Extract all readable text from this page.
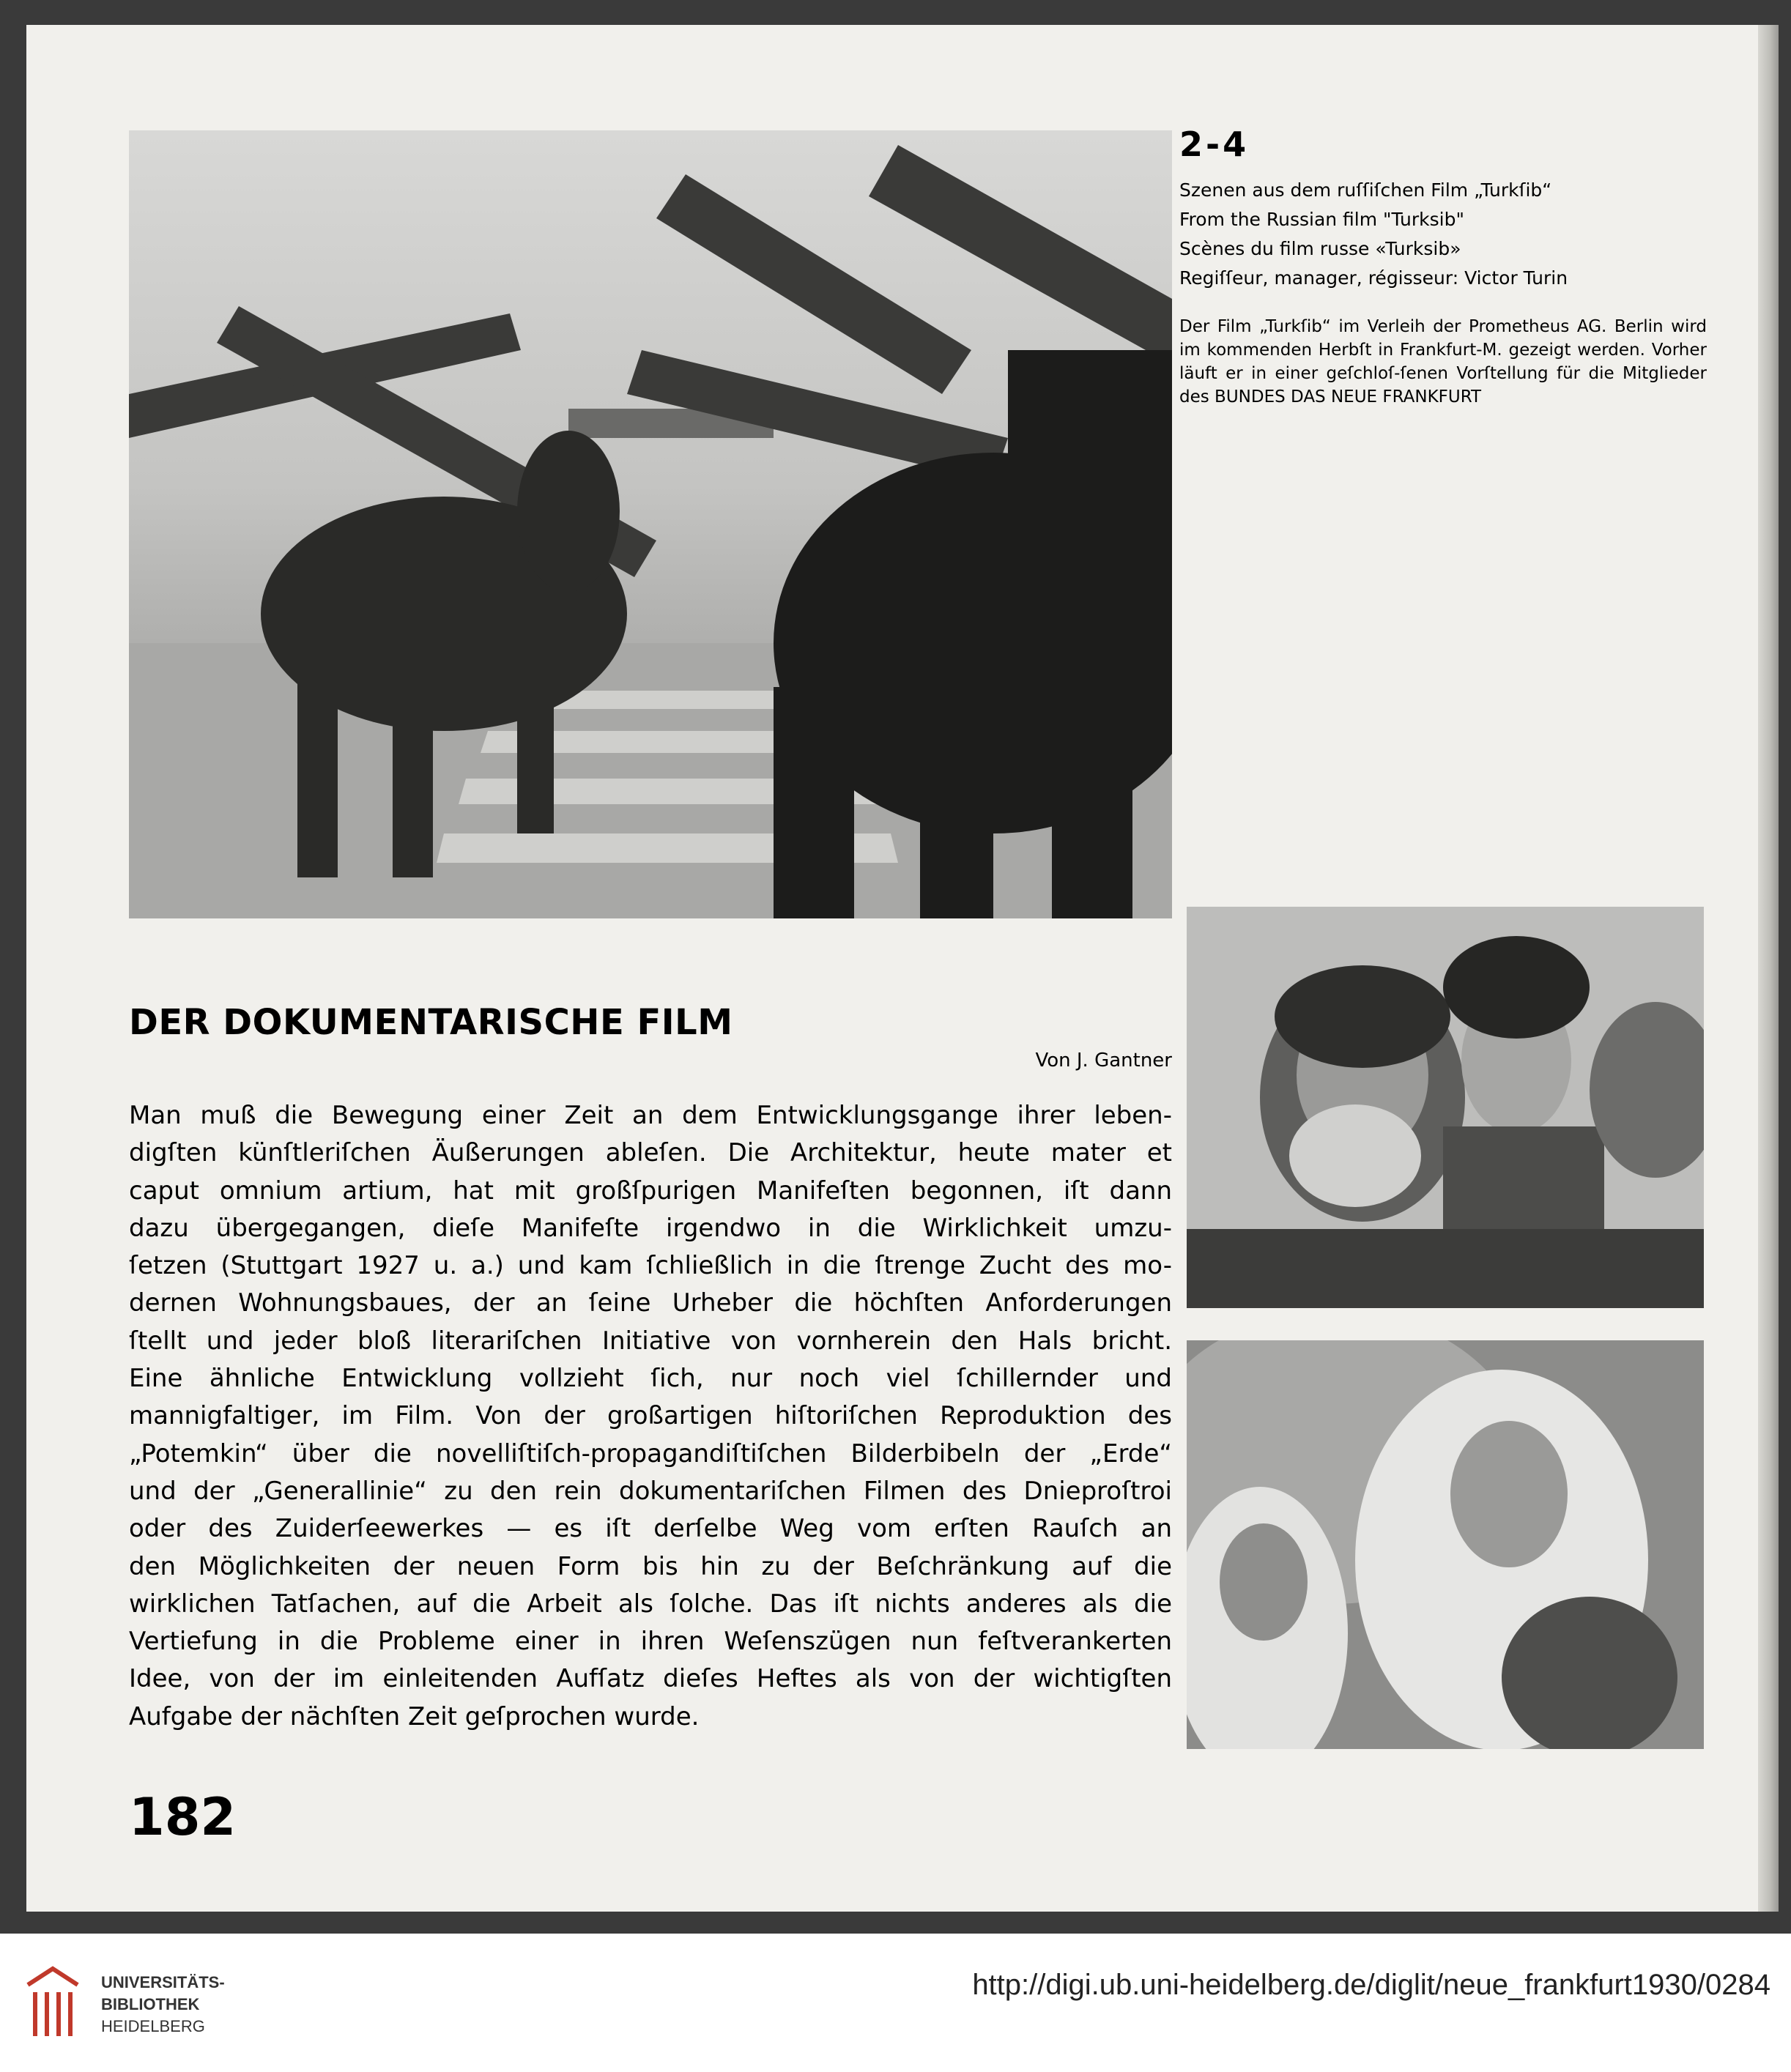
2-4
Szenen aus dem ruſſiſchen Film „Turkſib“
From the Russian film "Turksib"
Scènes du film russe «Turksib»
Regiſſeur, manager, régisseur: Victor Turin
Der Film „Turkſib“ im Verleih der Prometheus AG. Berlin wird im kommenden Herbſt in Frankfurt-M. gezeigt werden. Vorher läuft er in einer geſchloſ-ſenen Vorſtellung für die Mitglieder des BUNDES DAS NEUE FRANKFURT
DER DOKUMENTARISCHE FILM
Von J. Gantner
Man muß die Bewegung einer Zeit an dem Entwicklungsgange ihrer leben-
digſten künſtleriſchen Äußerungen ableſen. Die Architektur, heute mater et
caput omnium artium, hat mit großſpurigen Manifeſten begonnen, iſt dann
dazu übergegangen, dieſe Manifeſte irgendwo in die Wirklichkeit umzu-
ſetzen (Stuttgart 1927 u. a.) und kam ſchließlich in die ſtrenge Zucht des mo-
dernen Wohnungsbaues, der an ſeine Urheber die höchſten Anforderungen
ſtellt und jeder bloß literariſchen Initiative von vornherein den Hals bricht.
Eine ähnliche Entwicklung vollzieht ſich, nur noch viel ſchillernder und
mannigfaltiger, im Film. Von der großartigen hiſtoriſchen Reproduktion des
„Potemkin“ über die novelliſtiſch-propagandiſtiſchen Bilderbibeln der „Erde“
und der „Generallinie“ zu den rein dokumentariſchen Filmen des Dnieproſtroi
oder des Zuiderſeewerkes — es iſt derſelbe Weg vom erſten Rauſch an
den Möglichkeiten der neuen Form bis hin zu der Beſchränkung auf die
wirklichen Tatſachen, auf die Arbeit als ſolche. Das iſt nichts anderes als die
Vertiefung in die Probleme einer in ihren Weſenszügen nun feſtverankerten
Idee, von der im einleitenden Aufſatz dieſes Heftes als von der wichtigſten
Aufgabe der nächſten Zeit geſprochen wurde.
182
UNIVERSITÄTS-
BIBLIOTHEK
HEIDELBERG
http://digi.ub.uni-heidelberg.de/diglit/neue_frankfurt1930/0284
